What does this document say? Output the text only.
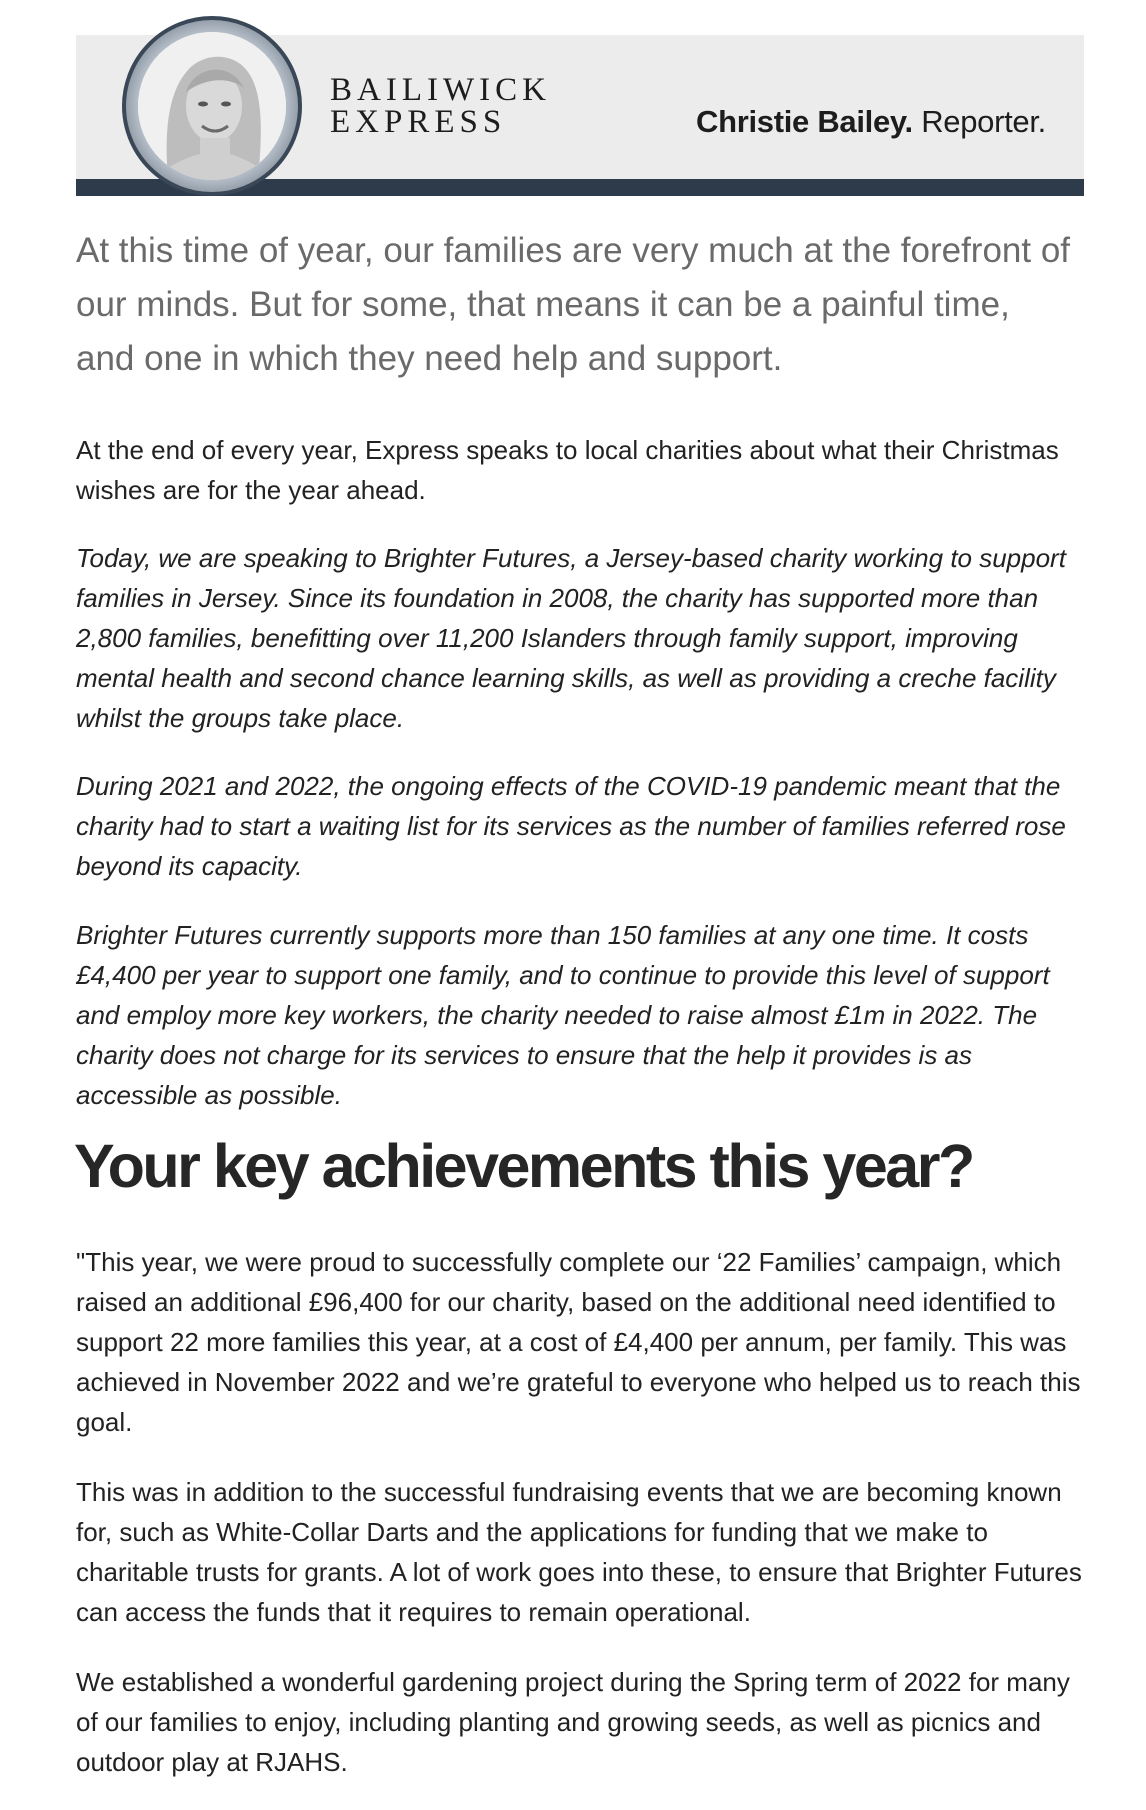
BAILIWICK
EXPRESS	Christie Bailey. Reporter.

At this time of year, our families are very much at the forefront of our minds. But for some, that means it can be a painful time, and one in which they need help and support.

At the end of every year, Express speaks to local charities about what their Christmas wishes are for the year ahead.

Today, we are speaking to Brighter Futures, a Jersey-based charity working to support families in Jersey. Since its foundation in 2008, the charity has supported more than 2,800 families, benefitting over 11,200 Islanders through family support, improving mental health and second chance learning skills, as well as providing a creche facility whilst the groups take place.

During 2021 and 2022, the ongoing effects of the COVID-19 pandemic meant that the charity had to start a waiting list for its services as the number of families referred rose beyond its capacity.

Brighter Futures currently supports more than 150 families at any one time. It costs £4,400 per year to support one family, and to continue to provide this level of support and employ more key workers, the charity needed to raise almost £1m in 2022. The charity does not charge for its services to ensure that the help it provides is as accessible as possible.

Your key achievements this year?

"This year, we were proud to successfully complete our ‘22 Families’ campaign, which raised an additional £96,400 for our charity, based on the additional need identified to support 22 more families this year, at a cost of £4,400 per annum, per family. This was achieved in November 2022 and we’re grateful to everyone who helped us to reach this goal.

This was in addition to the successful fundraising events that we are becoming known for, such as White-Collar Darts and the applications for funding that we make to charitable trusts for grants. A lot of work goes into these, to ensure that Brighter Futures can access the funds that it requires to remain operational.

We established a wonderful gardening project during the Spring term of 2022 for many of our families to enjoy, including planting and growing seeds, as well as picnics and outdoor play at RJAHS.
